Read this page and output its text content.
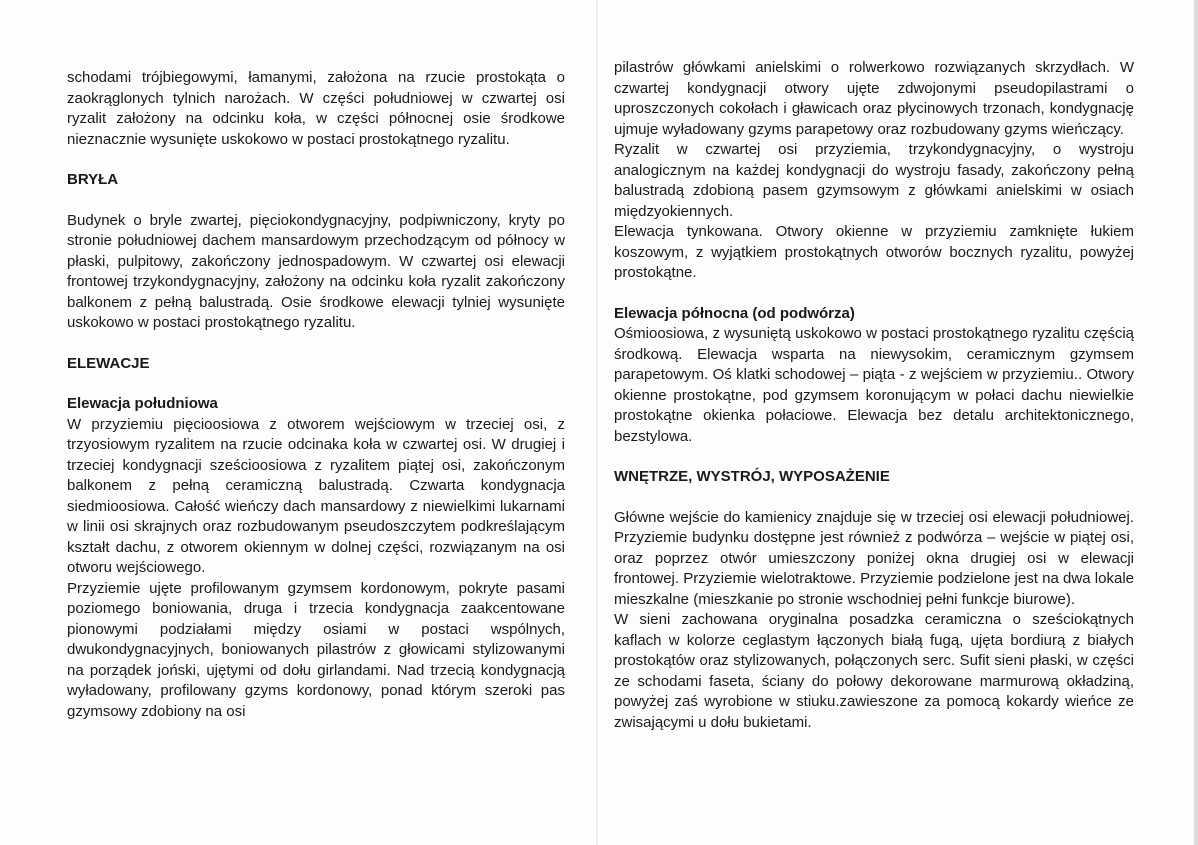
schodami trójbiegowymi, łamanymi, założona na rzucie prostokąta o zaokrąglonych tylnich narożach. W części południowej w czwartej osi ryzalit założony na odcinku koła, w części północnej osie środkowe nieznacznie wysunięte uskokowo w postaci prostokątnego ryzalitu.

BRYŁA

Budynek o bryle zwartej, pięciokondygnacyjny, podpiwniczony, kryty po stronie południowej dachem mansardowym przechodzącym od północy w płaski, pulpitowy, zakończony jednospadowym. W czwartej osi elewacji frontowej trzykondygnacyjny, założony na odcinku koła ryzalit zakończony balkonem z pełną balustradą. Osie środkowe elewacji tylniej wysunięte uskokowo w postaci prostokątnego ryzalitu.

ELEWACJE
Elewacja południowa

W przyziemiu pięcioosiowa z otworem wejściowym w trzeciej osi, z trzyosiowym ryzalitem na rzucie odcinaka koła w czwartej osi. W drugiej i trzeciej kondygnacji sześcioosiowa z ryzalitem piątej osi, zakończonym balkonem z pełną ceramiczną balustradą. Czwarta kondygnacja siedmioosiowa. Całość wieńczy dach mansardowy z niewielkimi lukarnami w linii osi skrajnych oraz rozbudowanym pseudoszczytem podkreślającym kształt dachu, z otworem okiennym w dolnej części, rozwiązanym na osi otworu wejściowego.

Przyziemie ujęte profilowanym gzymsem kordonowym, pokryte pasami poziomego boniowania, druga i trzecia kondygnacja zaakcentowane pionowymi podziałami między osiami w postaci wspólnych, dwukondygnacyjnych, boniowanych pilastrów z głowicami stylizowanymi na porządek joński, ujętymi od dołu girlandami. Nad trzecią kondygnacją wyładowany, profilowany gzyms kordonowy, ponad którym szeroki pas gzymsowy zdobiony na osi

pilastrów główkami anielskimi o rolwerkowo rozwiązanych skrzydłach. W czwartej kondygnacji otwory ujęte zdwojonymi pseudopilastrami o uproszczonych cokołach i gławicach oraz płycinowych trzonach, kondygnację ujmuje wyładowany gzyms parapetowy oraz rozbudowany gzyms wieńczący.

Ryzalit w czwartej osi przyziemia, trzykondygnacyjny, o wystroju analogicznym na każdej kondygnacji do wystroju fasady, zakończony pełną balustradą zdobioną pasem gzymsowym z główkami anielskimi w osiach międzyokiennych.

Elewacja tynkowana. Otwory okienne w przyziemiu zamknięte łukiem koszowym, z wyjątkiem prostokątnych otworów bocznych ryzalitu, powyżej prostokątne.

Elewacja północna (od podwórza)

Ośmioosiowa, z wysuniętą uskokowo w postaci prostokątnego ryzalitu częścią środkową. Elewacja wsparta na niewysokim, ceramicznym gzymsem parapetowym. Oś klatki schodowej – piąta - z wejściem w przyziemiu.. Otwory okienne prostokątne, pod gzymsem koronującym w połaci dachu niewielkie prostokątne okienka połaciowe. Elewacja bez detalu architektonicznego, bezstylowa.

WNĘTRZE, WYSTRÓJ, WYPOSAŻENIE

Główne wejście do kamienicy znajduje się w trzeciej osi elewacji południowej. Przyziemie budynku dostępne jest również z podwórza – wejście w piątej osi, oraz poprzez otwór umieszczony poniżej okna drugiej osi w elewacji frontowej. Przyziemie wielotraktowe. Przyziemie podzielone jest na dwa lokale mieszkalne (mieszkanie po stronie wschodniej pełni funkcje biurowe).

W sieni zachowana oryginalna posadzka ceramiczna o sześciokątnych kaflach w kolorze ceglastym łączonych białą fugą, ujęta bordiurą z białych prostokątów oraz stylizowanych, połączonych serc. Sufit sieni płaski, w części ze schodami faseta, ściany do połowy dekorowane marmurową okładziną, powyżej zaś wyrobione w stiuku.zawieszone za pomocą kokardy wieńce ze zwisającymi u dołu bukietami.
